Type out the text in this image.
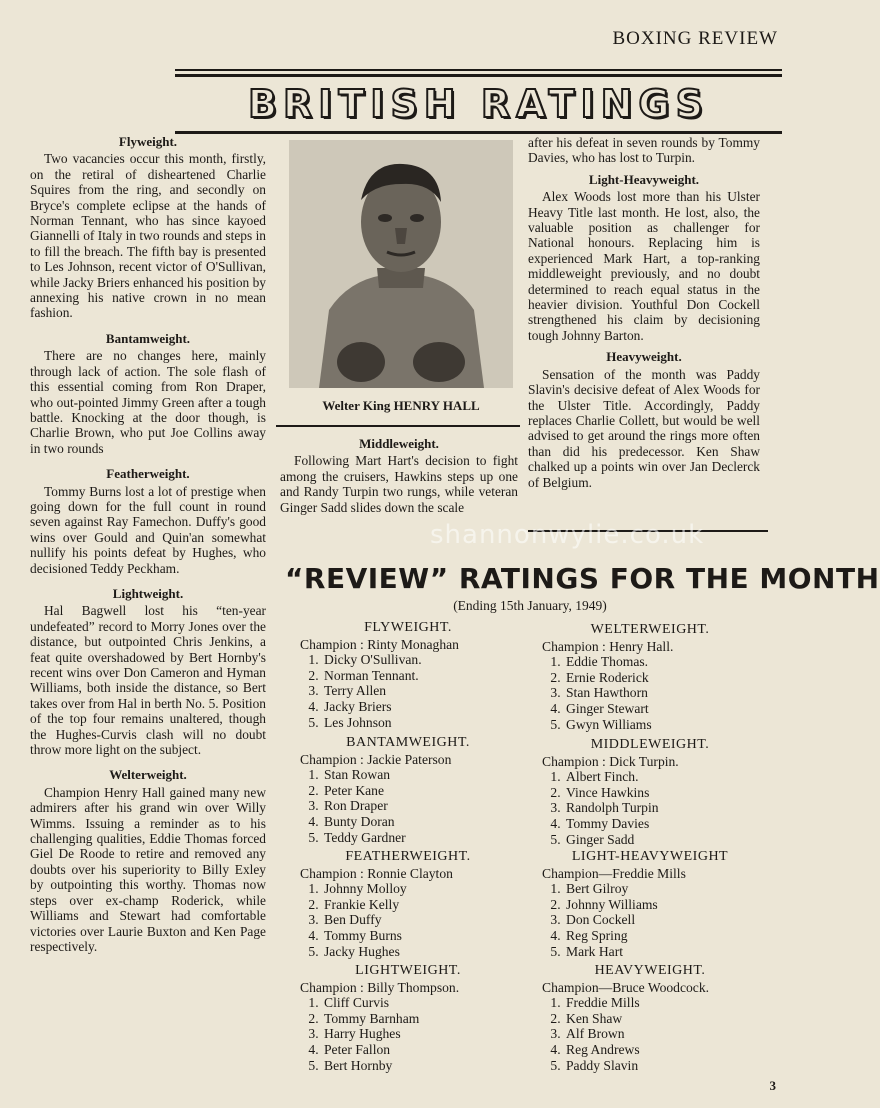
BOXING REVIEW
BRITISH RATINGS
Flyweight.

Two vacancies occur this month, firstly, on the retiral of disheartened Charlie Squires from the ring, and secondly on Bryce's complete eclipse at the hands of Norman Tennant, who has since kayoed Giannelli of Italy in two rounds and steps in to fill the breach. The fifth bay is presented to Les Johnson, recent victor of O'Sullivan, while Jacky Briers enhanced his position by annexing his native crown in no mean fashion.

Bantamweight.

There are no changes here, mainly through lack of action. The sole flash of this essential coming from Ron Draper, who out-pointed Jimmy Green after a tough battle. Knocking at the door though, is Charlie Brown, who put Joe Collins away in two rounds

Featherweight.

Tommy Burns lost a lot of prestige when going down for the full count in round seven against Ray Famechon. Duffy's good wins over Gould and Quin'an somewhat nullify his points defeat by Hughes, who decisioned Teddy Peckham.

Lightweight.

Hal Bagwell lost his “ten-year undefeated” record to Morry Jones over the distance, but outpointed Chris Jenkins, a feat quite overshadowed by Bert Hornby's recent wins over Don Cameron and Hyman Williams, both inside the distance, so Bert takes over from Hal in berth No. 5. Position of the top four remains unaltered, though the Hughes-Curvis clash will no doubt throw more light on the subject.

Welterweight.

Champion Henry Hall gained many new admirers after his grand win over Willy Wimms. Issuing a reminder as to his challenging qualities, Eddie Thomas forced Giel De Roode to retire and removed any doubts over his superiority to Billy Exley by outpointing this worthy. Thomas now steps over ex-champ Roderick, while Williams and Stewart had comfortable victories over Laurie Buxton and Ken Page respectively.

Welter King HENRY HALL
Middleweight.

Following Mart Hart's decision to fight among the cruisers, Hawkins steps up one and Randy Turpin two rungs, while veteran Ginger Sadd slides down the scale

after his defeat in seven rounds by Tommy Davies, who has lost to Turpin.

Light-Heavyweight.

Alex Woods lost more than his Ulster Heavy Title last month. He lost, also, the valuable position as challenger for National honours. Replacing him is experienced Mark Hart, a top-ranking middleweight previously, and no doubt determined to reach equal status in the heavier division. Youthful Don Cockell strengthened his claim by decisioning tough Johnny Barton.

Heavyweight.

Sensation of the month was Paddy Slavin's decisive defeat of Alex Woods for the Ulster Title. Accordingly, Paddy replaces Charlie Collett, but would be well advised to get around the rings more often than did his predecessor. Ken Shaw chalked up a points win over Jan Declerck of Belgium.

shannonwylie.co.uk
“REVIEW” RATINGS FOR THE MONTH
(Ending 15th January, 1949)
FLYWEIGHT.
Champion : Rinty Monaghan
1. Dicky O'Sullivan.
2. Norman Tennant.
3. Terry Allen
4. Jacky Briers
5. Les Johnson
WELTERWEIGHT.
Champion : Henry Hall.
1. Eddie Thomas.
2. Ernie Roderick
3. Stan Hawthorn
4. Ginger Stewart
5. Gwyn Williams
BANTAMWEIGHT.
Champion : Jackie Paterson
1. Stan Rowan
2. Peter Kane
3. Ron Draper
4. Bunty Doran
5. Teddy Gardner
MIDDLEWEIGHT.
Champion : Dick Turpin.
1. Albert Finch.
2. Vince Hawkins
3. Randolph Turpin
4. Tommy Davies
5. Ginger Sadd
FEATHERWEIGHT.
Champion : Ronnie Clayton
1. Johnny Molloy
2. Frankie Kelly
3. Ben Duffy
4. Tommy Burns
5. Jacky Hughes
LIGHT-HEAVYWEIGHT
Champion—Freddie Mills
1. Bert Gilroy
2. Johnny Williams
3. Don Cockell
4. Reg Spring
5. Mark Hart
LIGHTWEIGHT.
Champion : Billy Thompson.
1. Cliff Curvis
2. Tommy Barnham
3. Harry Hughes
4. Peter Fallon
5. Bert Hornby
HEAVYWEIGHT.
Champion—Bruce Woodcock.
1. Freddie Mills
2. Ken Shaw
3. Alf Brown
4. Reg Andrews
5. Paddy Slavin
3
